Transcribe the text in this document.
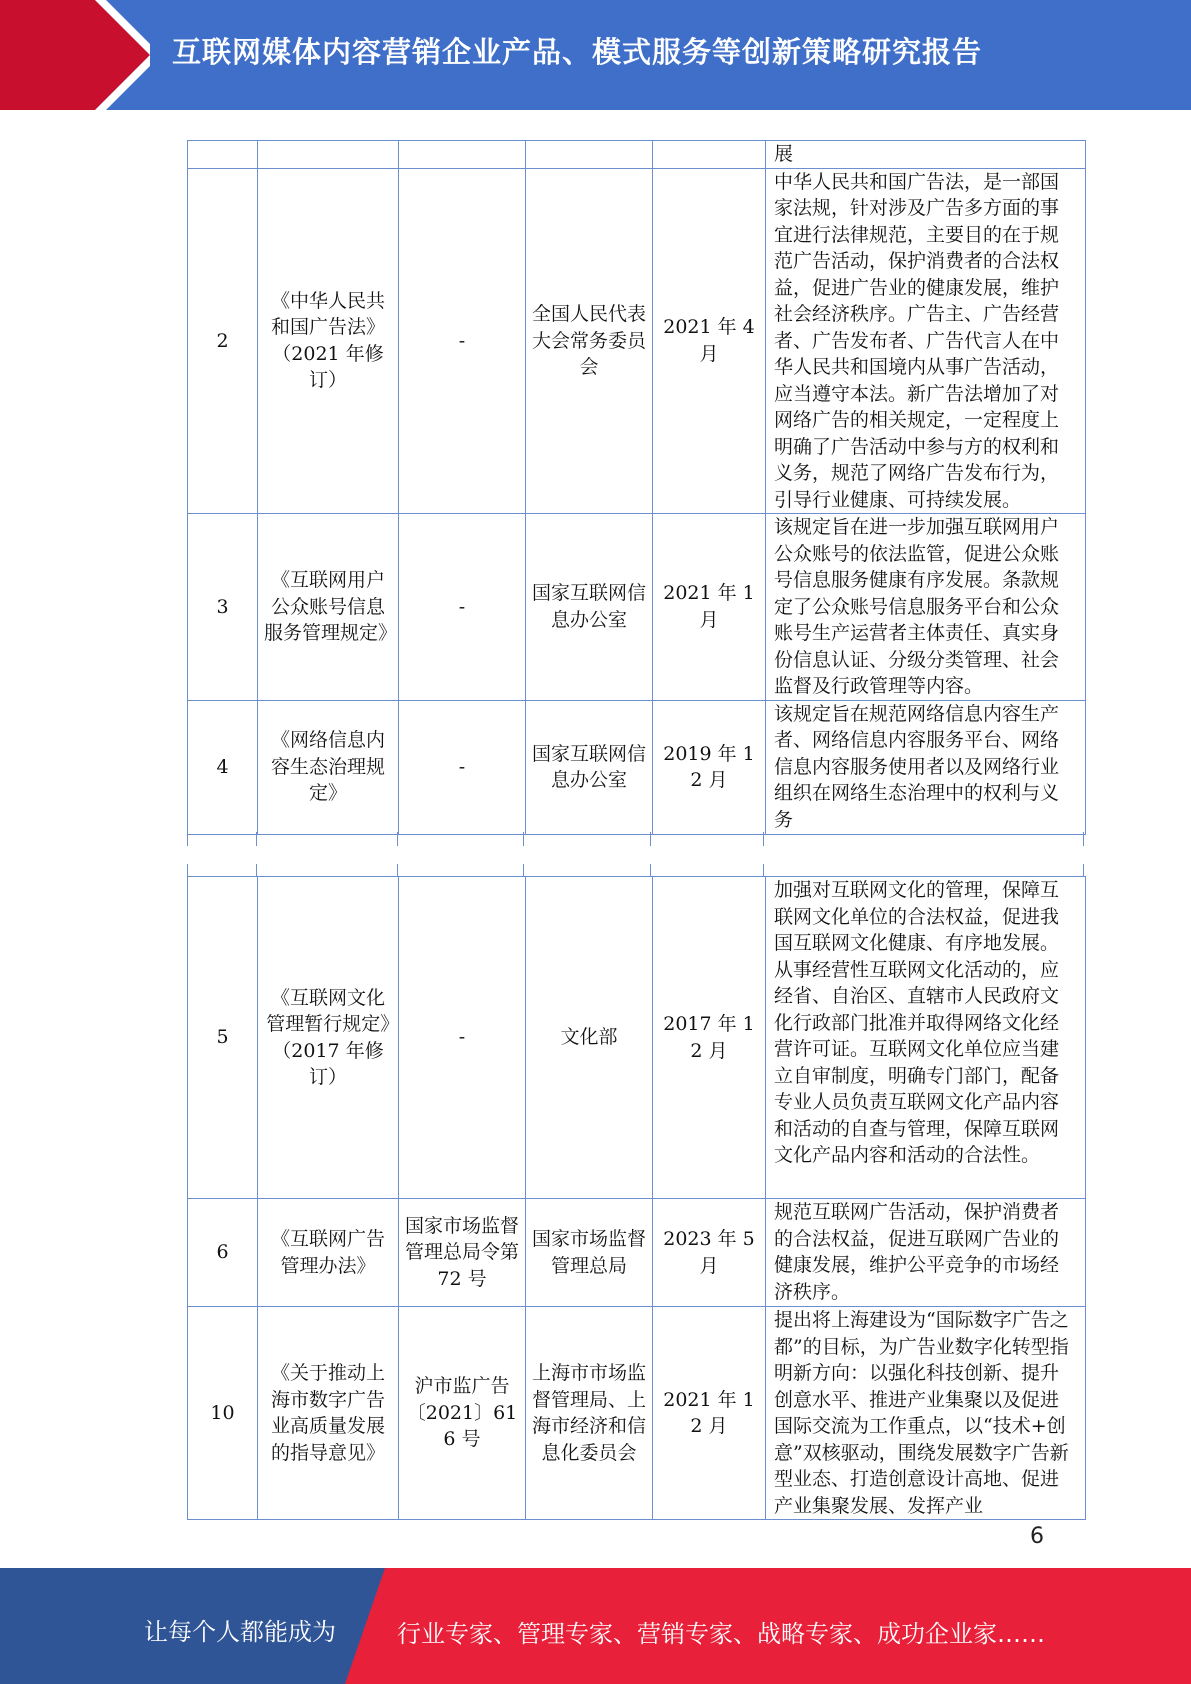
互联网媒体内容营销企业产品、模式服务等创新策略研究报告
					展
2	《中华人民共和国广告法》（2021 年修订）	-	全国人民代表大会常务委员会	2021 年 4 月	中华人民共和国广告法，是一部国家法规，针对涉及广告多方面的事宜进行法律规范，主要目的在于规范广告活动，保护消费者的合法权益，促进广告业的健康发展，维护社会经济秩序。广告主、广告经营者、广告发布者、广告代言人在中华人民共和国境内从事广告活动，应当遵守本法。新广告法增加了对网络广告的相关规定，一定程度上明确了广告活动中参与方的权利和义务，规范了网络广告发布行为，引导行业健康、可持续发展。
3	《互联网用户公众账号信息服务管理规定》	-	国家互联网信息办公室	2021 年 1 月	该规定旨在进一步加强互联网用户公众账号的依法监管，促进公众账号信息服务健康有序发展。条款规定了公众账号信息服务平台和公众账号生产运营者主体责任、真实身份信息认证、分级分类管理、社会监督及行政管理等内容。
4	《网络信息内容生态治理规定》	-	国家互联网信息办公室	2019 年 12 月	该规定旨在规范网络信息内容生产者、网络信息内容服务平台、网络信息内容服务使用者以及网络行业组织在网络生态治理中的权利与义务
5	《互联网文化管理暂行规定》（2017 年修订）	-	文化部	2017 年 12 月	加强对互联网文化的管理，保障互联网文化单位的合法权益，促进我国互联网文化健康、有序地发展。从事经营性互联网文化活动的，应经省、自治区、直辖市人民政府文化行政部门批准并取得网络文化经营许可证。互联网文化单位应当建立自审制度，明确专门部门，配备专业人员负责互联网文化产品内容和活动的自查与管理，保障互联网文化产品内容和活动的合法性。
6	《互联网广告管理办法》	国家市场监督管理总局令第 72 号	国家市场监督管理总局	2023 年 5 月	规范互联网广告活动，保护消费者的合法权益，促进互联网广告业的健康发展，维护公平竞争的市场经济秩序。
10	《关于推动上海市数字广告业高质量发展的指导意见》	沪市监广告〔2021〕616 号	上海市市场监督管理局、上海市经济和信息化委员会	2021 年 12 月	提出将上海建设为“国际数字广告之都”的目标，为广告业数字化转型指明新方向：以强化科技创新、提升创意水平、推进产业集聚以及促进国际交流为工作重点，以“技术+创意”双核驱动，围绕发展数字广告新型业态、打造创意设计高地、促进产业集聚发展、发挥产业
6
让每个人都能成为	行业专家、管理专家、营销专家、战略专家、成功企业家……
